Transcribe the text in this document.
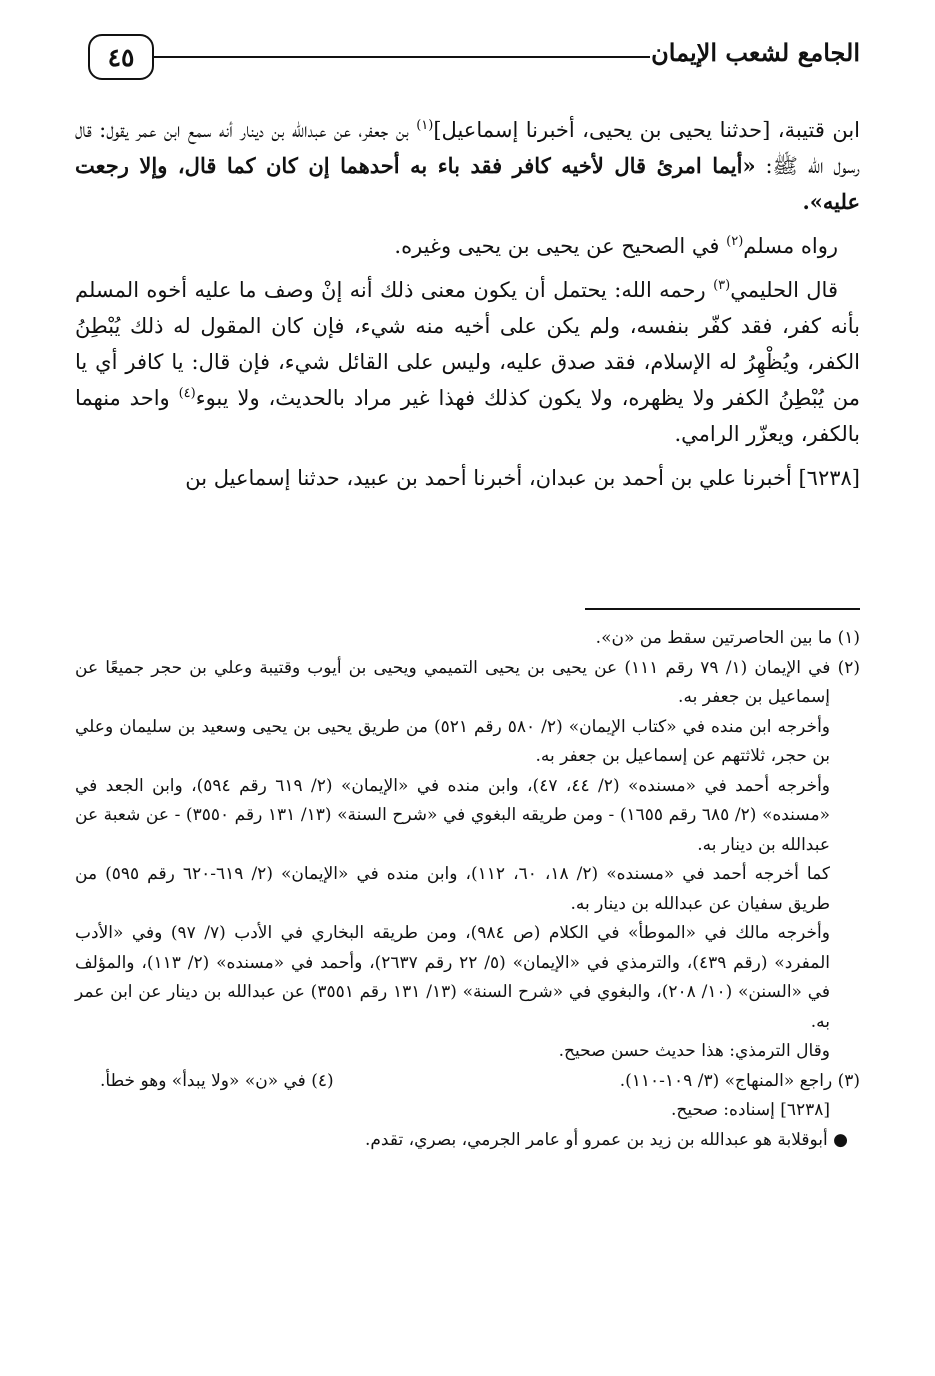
٤٥	الجامع لشعب الإيمان

ابن قتيبة، [حدثنا يحيى بن يحيى، أخبرنا إسماعيل]$^{(١)}$ بن جعفر، عن عبدالله بن دينار أنه سمع ابن عمر يقول: قال رسول الله ﷺ: «أيما امرئ قال لأخيه كافر فقد باء به أحدهما إن كان كما قال، وإلا رجعت عليه».

رواه مسلم$^{(٢)}$ في الصحيح عن يحيى بن يحيى وغيره.

قال الحليمي$^{(٣)}$ رحمه الله: يحتمل أن يكون معنى ذلك أنه إنْ وصف ما عليه أخوه المسلم بأنه كفر، فقد كفّر بنفسه، ولم يكن على أخيه منه شيء، فإن كان المقول له ذلك يُبْطِنُ الكفر، ويُظْهِرُ له الإسلام، فقد صدق عليه، وليس على القائل شيء، فإن قال: يا كافر أي يا من يُبْطِنُ الكفر ولا يظهره، ولا يكون كذلك فهذا غير مراد بالحديث، ولا يبوء$^{(٤)}$ واحد منهما بالكفر، ويعزّر الرامي.

[٦٢٣٨] أخبرنا علي بن أحمد بن عبدان، أخبرنا أحمد بن عبيد، حدثنا إسماعيل بن

(١) ما بين الحاصرتين سقط من «ن».

(٢) في الإيمان (١/ ٧٩ رقم ١١١) عن يحيى بن يحيى التميمي ويحيى بن أيوب وقتيبة وعلي بن حجر جميعًا عن إسماعيل بن جعفر به.

وأخرجه ابن منده في «كتاب الإيمان» (٢/ ٥٨٠ رقم ٥٢١) من طريق يحيى بن يحيى وسعيد بن سليمان وعلي بن حجر، ثلاثتهم عن إسماعيل بن جعفر به.

وأخرجه أحمد في «مسنده» (٢/ ٤٤، ٤٧)، وابن منده في «الإيمان» (٢/ ٦١٩ رقم ٥٩٤)، وابن الجعد في «مسنده» (٢/ ٦٨٥ رقم ١٦٥٥) - ومن طريقه البغوي في «شرح السنة» (١٣/ ١٣١ رقم ٣٥٥٠) - عن شعبة عن عبدالله بن دينار به.

كما أخرجه أحمد في «مسنده» (٢/ ١٨، ٦٠، ١١٢)، وابن منده في «الإيمان» (٢/ ٦١٩-٦٢٠ رقم ٥٩٥) من طريق سفيان عن عبدالله بن دينار به.

وأخرجه مالك في «الموطأ» في الكلام (ص ٩٨٤)، ومن طريقه البخاري في الأدب (٧/ ٩٧) وفي «الأدب المفرد» (رقم ٤٣٩)، والترمذي في «الإيمان» (٥/ ٢٢ رقم ٢٦٣٧)، وأحمد في «مسنده» (٢/ ١١٣)، والمؤلف في «السنن» (١٠/ ٢٠٨)، والبغوي في «شرح السنة» (١٣/ ١٣١ رقم ٣٥٥١) عن عبدالله بن دينار عن ابن عمر به.

وقال الترمذي: هذا حديث حسن صحيح.

(٣) راجع «المنهاج» (٣/ ١٠٩-١١٠).
(٤) في «ن» «ولا يبدأ» وهو خطأ.

[٦٢٣٨] إسناده: صحيح.

● أبوقلابة هو عبدالله بن زيد بن عمرو أو عامر الجرمي، بصري، تقدم.
